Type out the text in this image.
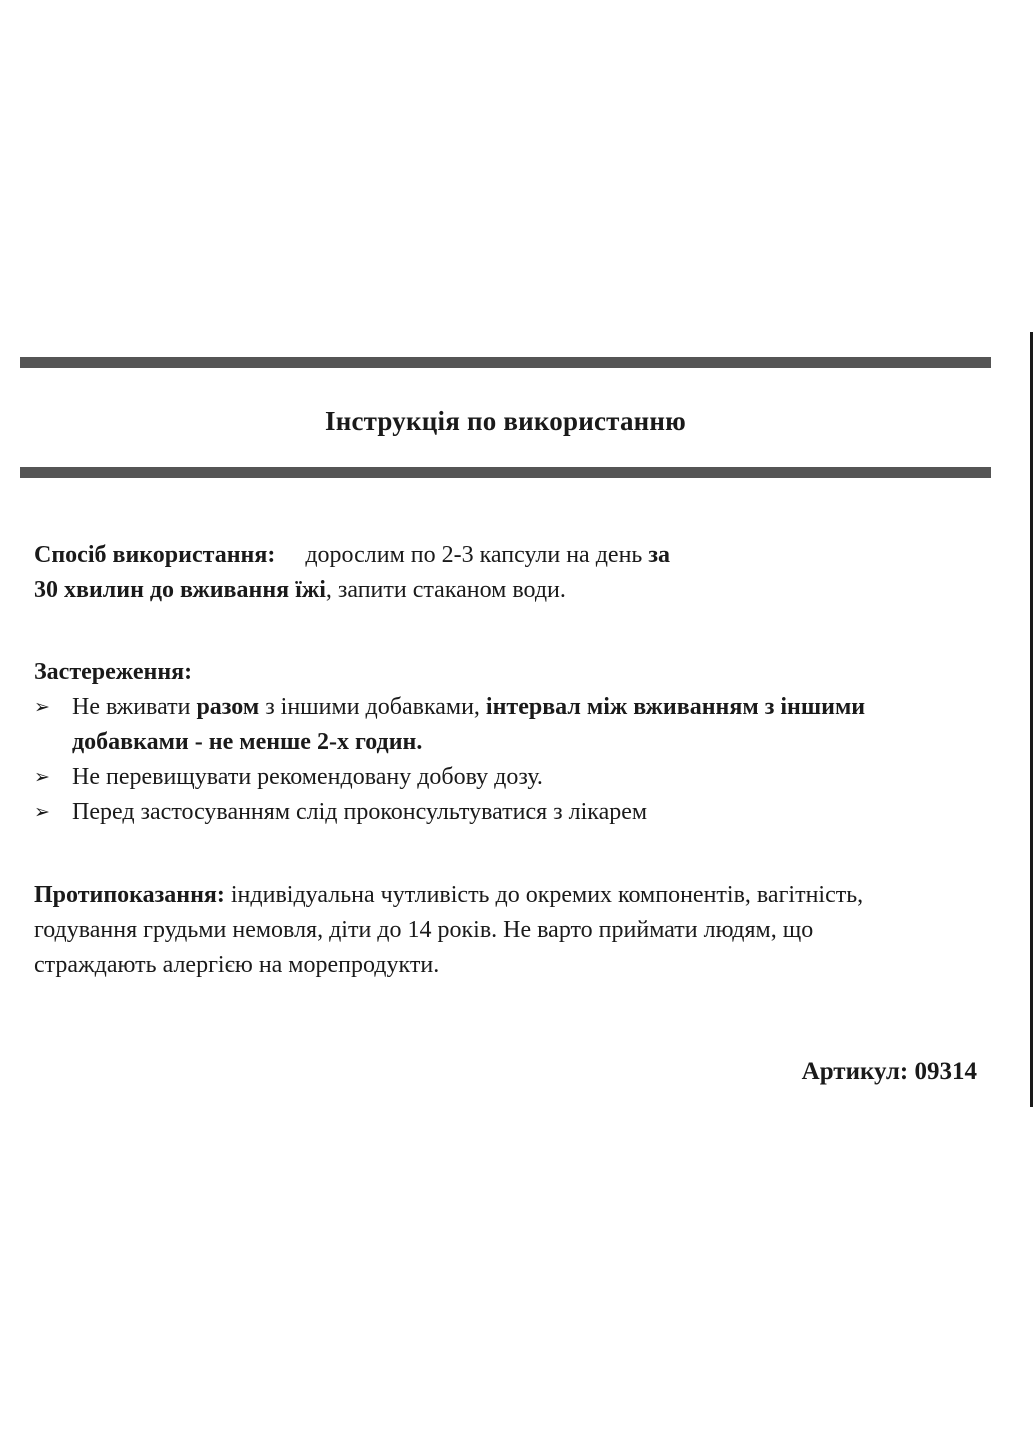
Інструкція по використанню
Спосіб використання: дорослим по 2-3 капсули на день за
30 хвилин до вживання їжі, запити стаканом води.
Застереження:
➢ Не вживати разом з іншими добавками, інтервал між вживанням з іншими добавками - не менше 2-х годин.
➢ Не перевищувати рекомендовану добову дозу.
➢ Перед застосуванням слід проконсультуватися з лікарем
Протипоказання: індивідуальна чутливість до окремих компонентів, вагітність, годування грудьми немовля, діти до 14 років. Не варто приймати людям, що страждають алергією на морепродукти.
Артикул: 09314
